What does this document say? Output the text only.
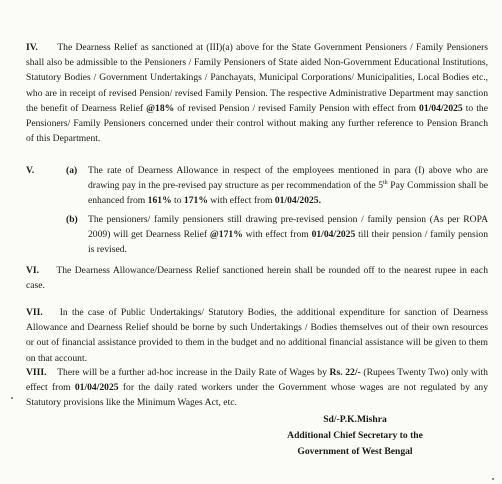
IV. The Dearness Relief as sanctioned at (III)(a) above for the State Government Pensioners / Family Pensioners shall also be admissible to the Pensioners / Family Pensioners of State aided Non-Government Educational Institutions, Statutory Bodies / Government Undertakings / Panchayats, Municipal Corporations/ Municipalities, Local Bodies etc., who are in receipt of revised Pension/ revised Family Pension. The respective Administrative Department may sanction the benefit of Dearness Relief @18% of revised Pension / revised Family Pension with effect from 01/04/2025 to the Pensioners/ Family Pensioners concerned under their control without making any further reference to Pension Branch of this Department.

V.	(a) The rate of Dearness Allowance in respect of the employees mentioned in para (I) above who are drawing pay in the pre-revised pay structure as per recommendation of the 5th Pay Commission shall be enhanced from 161% to 171% with effect from 01/04/2025.
(b) The pensioners/ family pensioners still drawing pre-revised pension / family pension (As per ROPA 2009) will get Dearness Relief @171% with effect from 01/04/2025 till their pension / family pension is revised.

VI. The Dearness Allowance/Dearness Relief sanctioned herein shall be rounded off to the nearest rupee in each case.

VII. In the case of Public Undertakings/ Statutory Bodies, the additional expenditure for sanction of Dearness Allowance and Dearness Relief should be borne by such Undertakings / Bodies themselves out of their own resources or out of financial assistance provided to them in the budget and no additional financial assistance will be given to them on that account.

VIII. There will be a further ad-hoc increase in the Daily Rate of Wages by Rs. 22/- (Rupees Twenty Two) only with effect from 01/04/2025 for the daily rated workers under the Government whose wages are not regulated by any Statutory provisions like the Minimum Wages Act, etc.

Sd/-P.K.Mishra
Additional Chief Secretary to the
Government of West Bengal
